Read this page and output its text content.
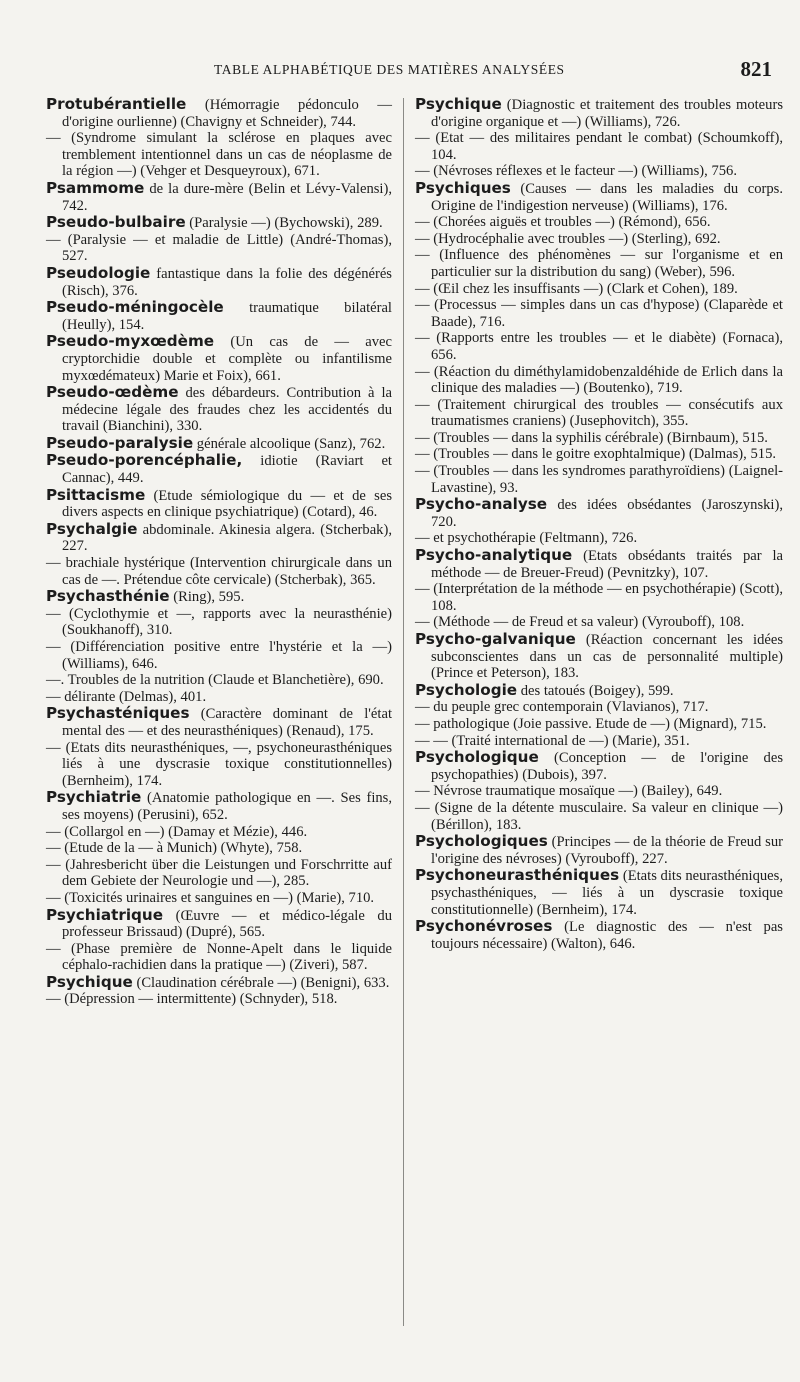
TABLE ALPHABÉTIQUE DES MATIÈRES ANALYSÉES	821
Protubérantielle (Hémorragie pédonculo — d'origine ourlienne) (Chavigny et Schneider), 744.
— (Syndrome simulant la sclérose en plaques avec tremblement intentionnel dans un cas de néoplasme de la région —) (Vehger et Desqueyroux), 671.
Psammome de la dure-mère (Belin et Lévy-Valensi), 742.
Pseudo-bulbaire (Paralysie —) (Bychowski), 289.
— (Paralysie — et maladie de Little) (André-Thomas), 527.
Pseudologie fantastique dans la folie des dégénérés (Risch), 376.
Pseudo-méningocèle traumatique bilatéral (Heully), 154.
Pseudo-myxœdème (Un cas de — avec cryptorchidie double et complète ou infantilisme myxœdémateux) Marie et Foix), 661.
Pseudo-œdème des débardeurs. Contribution à la médecine légale des fraudes chez les accidentés du travail (Bianchini), 330.
Pseudo-paralysie générale alcoolique (Sanz), 762.
Pseudo-porencéphalie, idiotie (Raviart et Cannac), 449.
Psittacisme (Etude sémiologique du — et de ses divers aspects en clinique psychiatrique) (Cotard), 46.
Psychalgie abdominale. Akinesia algera. (Stcherbak), 227.
— brachiale hystérique (Intervention chirurgicale dans un cas de —. Prétendue côte cervicale) (Stcherbak), 365.
Psychasthénie (Ring), 595.
— (Cyclothymie et —, rapports avec la neurasthénie) (Soukhanoff), 310.
— (Différenciation positive entre l'hystérie et la —) (Williams), 646.
—. Troubles de la nutrition (Claude et Blanchetière), 690.
— délirante (Delmas), 401.
Psychasténiques (Caractère dominant de l'état mental des — et des neurasthéniques) (Renaud), 175.
— (Etats dits neurasthéniques, —, psychoneurasthéniques liés à une dyscrasie toxique constitutionnelles) (Bernheim), 174.
Psychiatrie (Anatomie pathologique en —. Ses fins, ses moyens) (Perusini), 652.
— (Collargol en —) (Damay et Mézie), 446.
— (Etude de la — à Munich) (Whyte), 758.
— (Jahresbericht über die Leistungen und Forschrritte auf dem Gebiete der Neurologie und —), 285.
— (Toxicités urinaires et sanguines en —) (Marie), 710.
Psychiatrique (Œuvre — et médico-légale du professeur Brissaud) (Dupré), 565.
— (Phase première de Nonne-Apelt dans le liquide céphalo-rachidien dans la pratique —) (Ziveri), 587.
Psychique (Claudination cérébrale —) (Benigni), 633.
— (Dépression — intermittente) (Schnyder), 518.
Psychique (Diagnostic et traitement des troubles moteurs d'origine organique et —) (Williams), 726.
— (Etat — des militaires pendant le combat) (Schoumkoff), 104.
— (Névroses réflexes et le facteur —) (Williams), 756.
Psychiques (Causes — dans les maladies du corps. Origine de l'indigestion nerveuse) (Williams), 176.
— (Chorées aiguës et troubles —) (Rémond), 656.
— (Hydrocéphalie avec troubles —) (Sterling), 692.
— (Influence des phénomènes — sur l'organisme et en particulier sur la distribution du sang) (Weber), 596.
— (Œil chez les insuffisants —) (Clark et Cohen), 189.
— (Processus — simples dans un cas d'hypose) (Claparède et Baade), 716.
— (Rapports entre les troubles — et le diabète) (Fornaca), 656.
— (Réaction du diméthylamidobenzaldéhide de Erlich dans la clinique des maladies —) (Boutenko), 719.
— (Traitement chirurgical des troubles — consécutifs aux traumatismes craniens) (Jusephovitch), 355.
— (Troubles — dans la syphilis cérébrale) (Birnbaum), 515.
— (Troubles — dans le goitre exophtalmique) (Dalmas), 515.
— (Troubles — dans les syndromes parathyroïdiens) (Laignel-Lavastine), 93.
Psycho-analyse des idées obsédantes (Jaroszynski), 720.
— et psychothérapie (Feltmann), 726.
Psycho-analytique (Etats obsédants traités par la méthode — de Breuer-Freud) (Pevnitzky), 107.
— (Interprétation de la méthode — en psychothérapie) (Scott), 108.
— (Méthode — de Freud et sa valeur) (Vyrouboff), 108.
Psycho-galvanique (Réaction concernant les idées subconscientes dans un cas de personnalité multiple) (Prince et Peterson), 183.
Psychologie des tatoués (Boigey), 599.
— du peuple grec contemporain (Vlavianos), 717.
— pathologique (Joie passive. Etude de —) (Mignard), 715.
— — (Traité international de —) (Marie), 351.
Psychologique (Conception — de l'origine des psychopathies) (Dubois), 397.
— Névrose traumatique mosaïque —) (Bailey), 649.
— (Signe de la détente musculaire. Sa valeur en clinique —) (Bérillon), 183.
Psychologiques (Principes — de la théorie de Freud sur l'origine des névroses) (Vyrouboff), 227.
Psychoneurasthéniques (Etats dits neurasthéniques, psychasthéniques, — liés à un dyscrasie toxique constitutionnelle) (Bernheim), 174.
Psychonévroses (Le diagnostic des — n'est pas toujours nécessaire) (Walton), 646.
